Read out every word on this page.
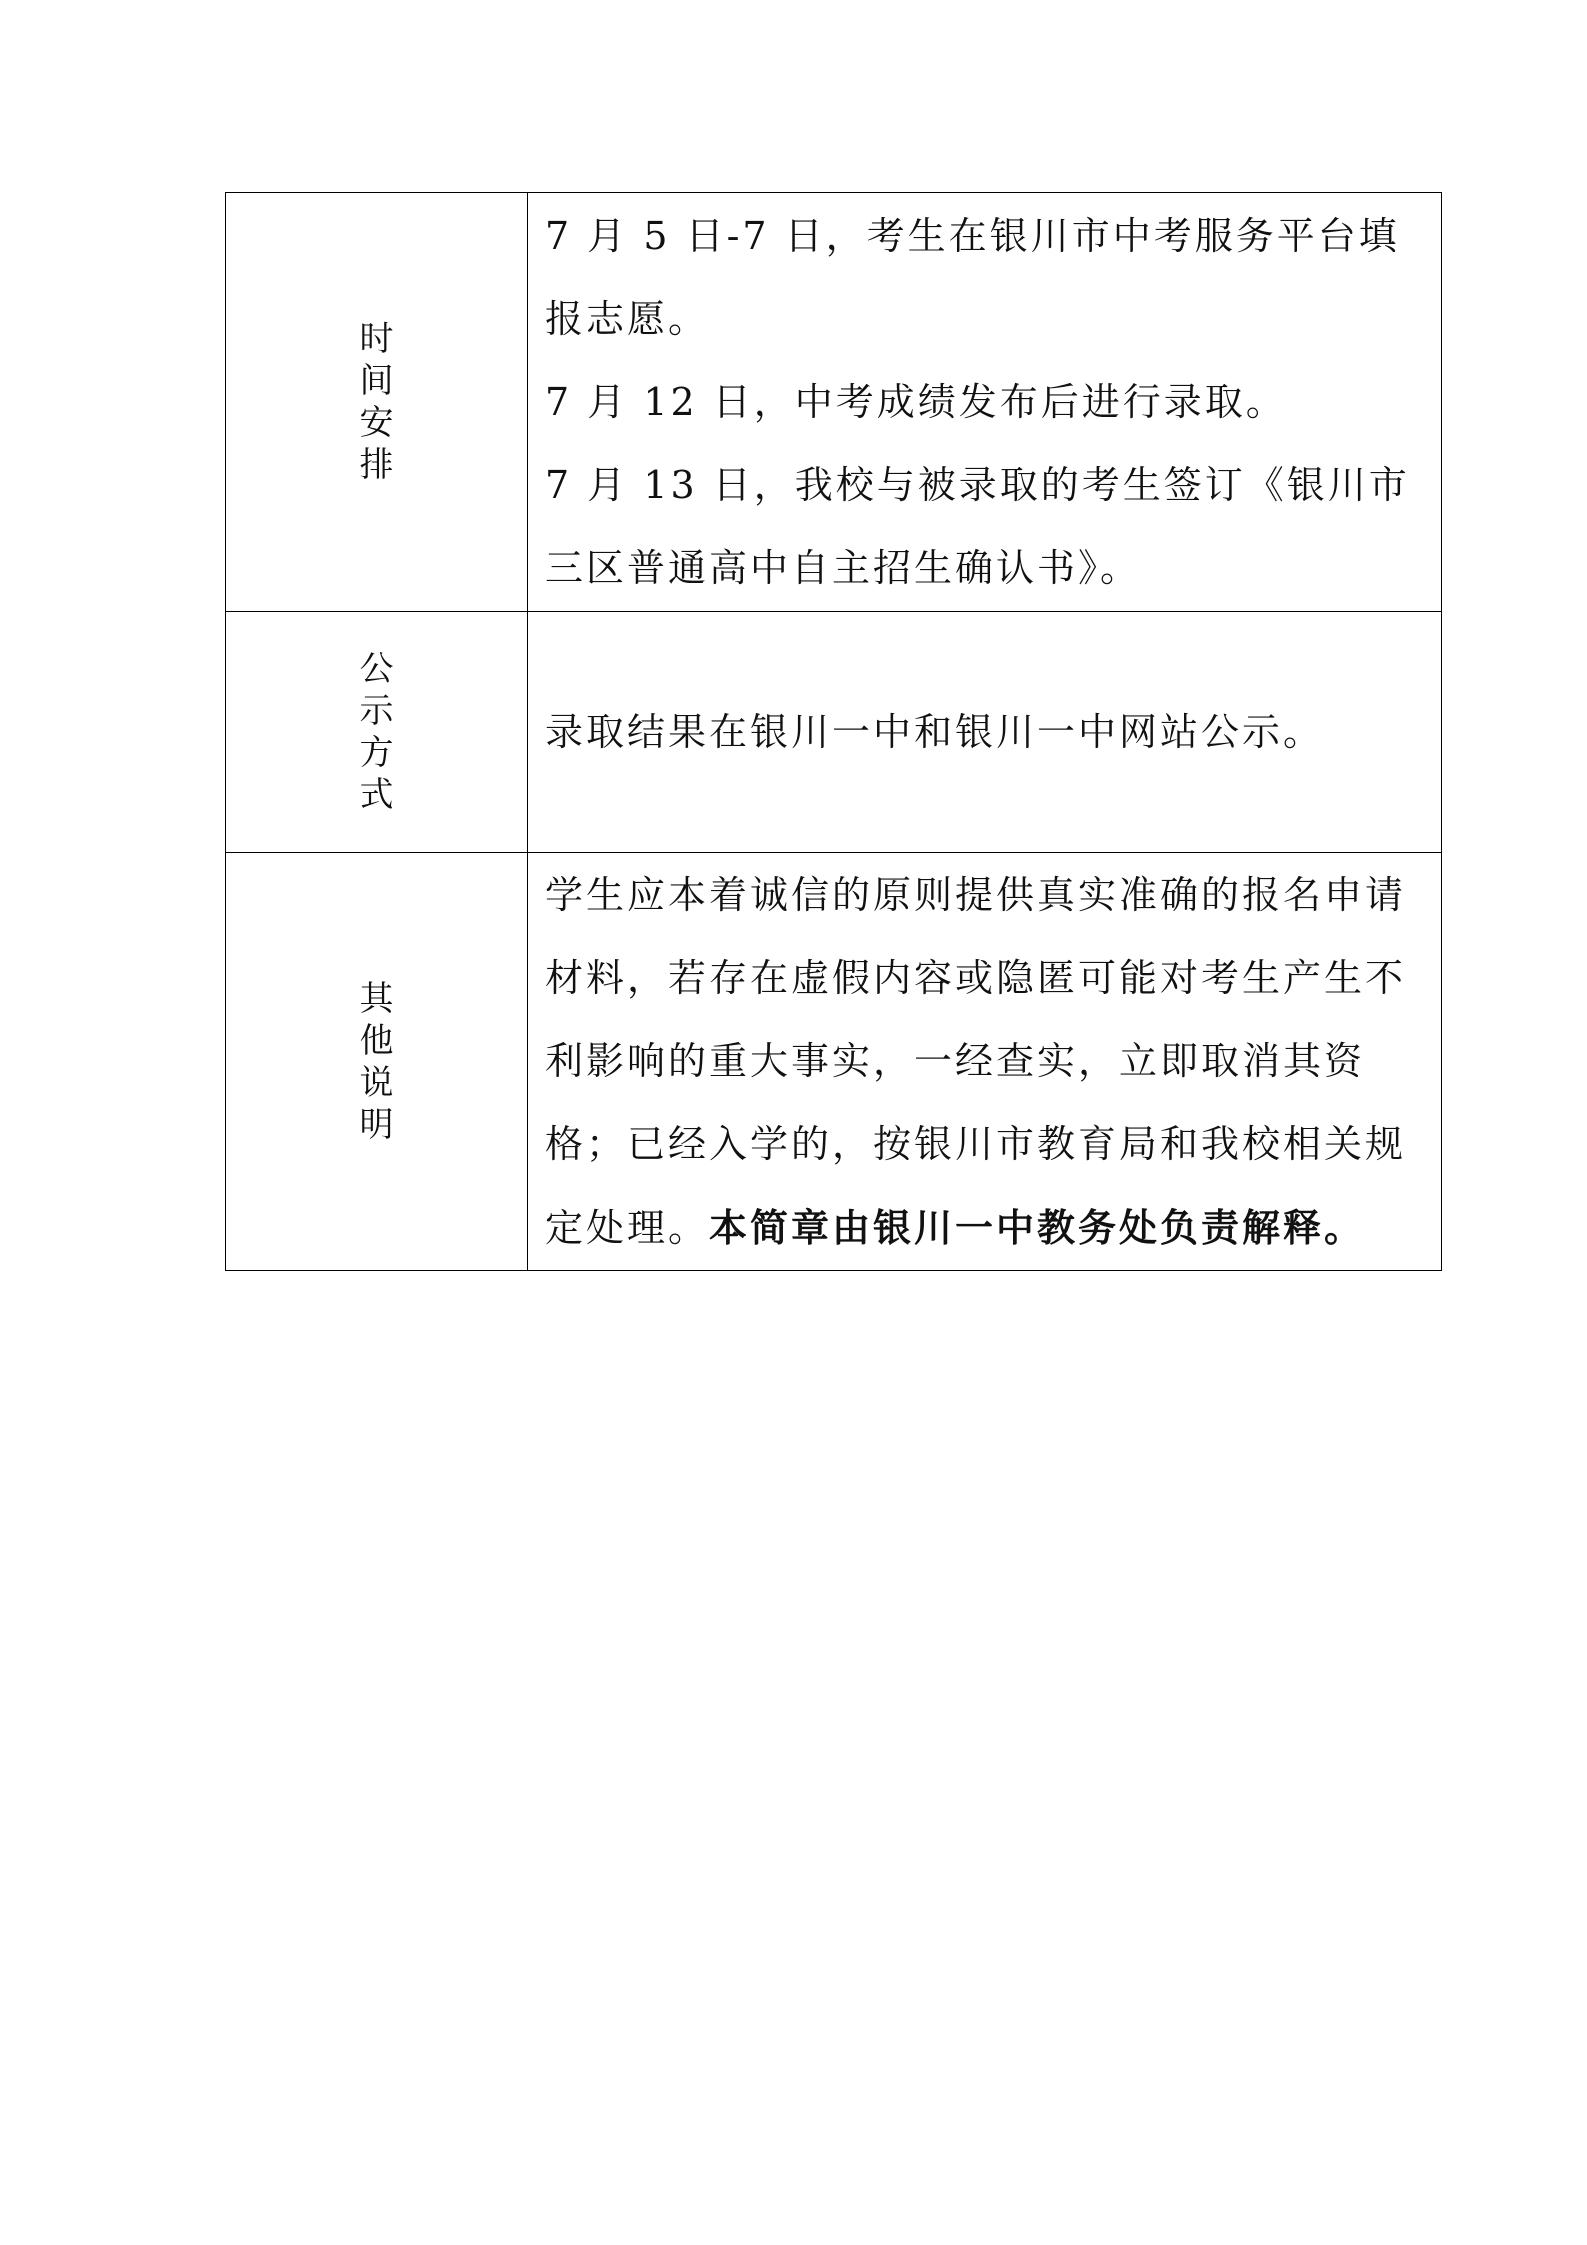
时间安排	7 月 5 日-7 日，考生在银川市中考服务平台填报志愿。

7 月 12 日，中考成绩发布后进行录取。

7 月 13 日，我校与被录取的考生签订《银川市三区普通高中自主招生确认书》。

公示方式	录取结果在银川一中和银川一中网站公示。

其他说明	学生应本着诚信的原则提供真实准确的报名申请材料，若存在虚假内容或隐匿可能对考生产生不利影响的重大事实，一经查实，立即取消其资格；已经入学的，按银川市教育局和我校相关规定处理。本简章由银川一中教务处负责解释。
